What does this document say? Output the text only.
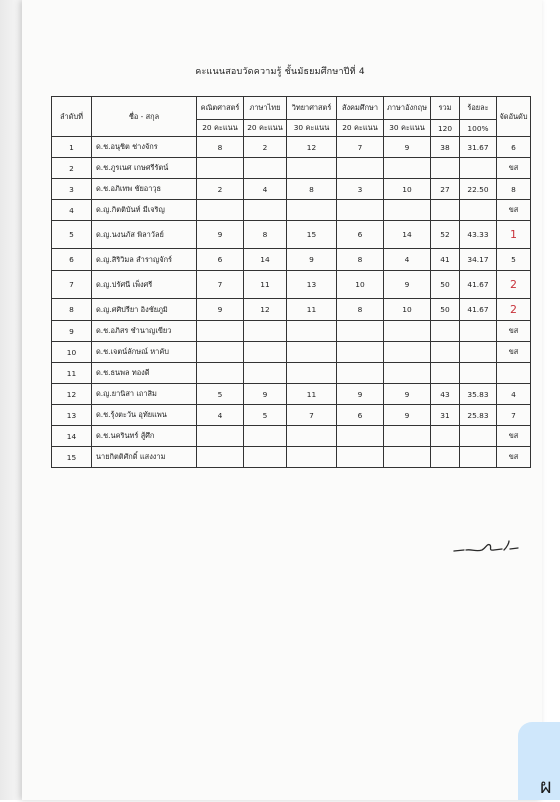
คะแนนสอบวัดความรู้ ชั้นมัธยมศึกษาปีที่ 4
ลำดับที่	ชื่อ - สกุล	คณิตศาสตร์	ภาษาไทย	วิทยาศาสตร์	สังคมศึกษา	ภาษาอังกฤษ	รวม	ร้อยละ	จัดอันดับ
		20 คะแนน	20 คะแนน	30 คะแนน	20 คะแนน	30 คะแนน	120	100%	
1	ด.ช.อนุชิต ช่างจักร	8	2	12	7	9	38	31.67	6
2	ด.ช.ภูรเนศ เกษศรีรัตน์								ขส
3	ด.ช.อภิเทพ ชัยอาวุธ	2	4	8	3	10	27	22.50	8
4	ด.ญ.กิตติบันท์ มีเจริญ								ขส
5	ด.ญ.นงนภัส พิลาวัลย์	9	8	15	6	14	52	43.33	1
6	ด.ญ.สิริวิมล สำราญจักร์	6	14	9	8	4	41	34.17	5
7	ด.ญ.ปรัศนี เพ็งศรี	7	11	13	10	9	50	41.67	2
8	ด.ญ.ศศิปรียา อิงชัยภูมิ	9	12	11	8	10	50	41.67	2
9	ด.ช.อภิสร ชำนาญเขียว								ขส
10	ด.ช.เจตน์ลักษณ์ หาคับ								ขส
11	ด.ช.ธนพล ทองดี								
12	ด.ญ.ยานิสา เถาสิม	5	9	11	9	9	43	35.83	4
13	ด.ช.รุ้งตะวัน อุทัยแพน	4	5	7	6	9	31	25.83	7
14	ด.ช.นครินทร์ สู้ศึก								ขส
15	นายกิตติศักดิ์ แสงงาม								ขส
ผ
